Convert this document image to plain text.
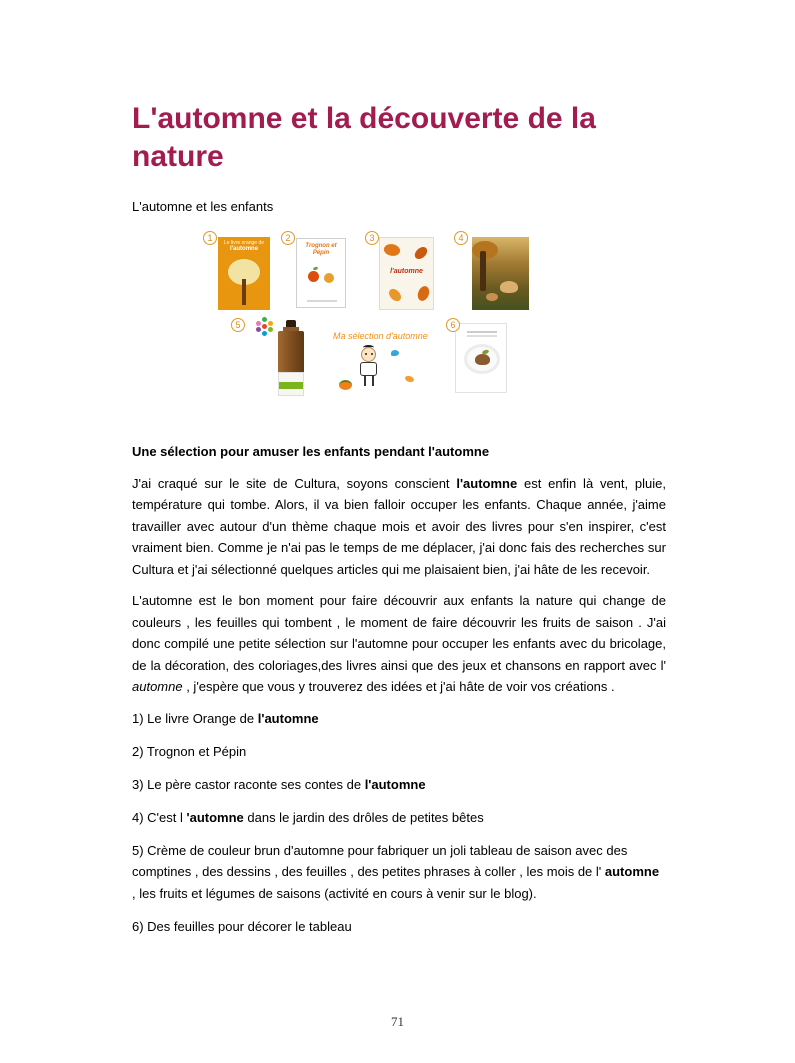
L'automne et la découverte de la nature

L'automne et les enfants

1	Le livre orange de
l'automne
2
Trognon et Pépin
3
l'automne
4
5
Ma sélection d'automne
6
Une sélection pour amuser les enfants pendant l'automne

J'ai craqué sur le site de Cultura, soyons conscient l'automne est enfin là vent, pluie, température qui tombe. Alors, il va bien falloir occuper les enfants. Chaque année, j'aime travailler avec autour d'un thème chaque mois et avoir des livres pour s'en inspirer, c'est vraiment bien. Comme je n'ai pas le temps de me déplacer, j'ai donc fais des recherches sur Cultura et j'ai sélectionné quelques articles qui me plaisaient bien, j'ai hâte de les recevoir.

L'automne est le bon moment pour faire découvrir aux enfants la nature qui change de couleurs , les feuilles qui tombent , le moment de faire découvrir les fruits de saison . J'ai donc compilé une petite sélection sur l'automne pour occuper les enfants avec du bricolage, de la décoration, des coloriages,des livres ainsi que des jeux et chansons en rapport avec l' automne , j'espère que vous y trouverez des idées et j'ai hâte de voir vos créations .

1) Le livre Orange de l'automne

2) Trognon et Pépin

3) Le père castor raconte ses contes de l'automne

4) C'est l 'automne dans le jardin des drôles de petites bêtes

5) Crème de couleur brun d'automne pour fabriquer un joli tableau de saison avec des comptines , des dessins , des feuilles , des petites phrases à coller , les mois de l' automne , les fruits et légumes de saisons (activité en cours à venir sur le blog).

6) Des feuilles pour décorer le tableau

71
